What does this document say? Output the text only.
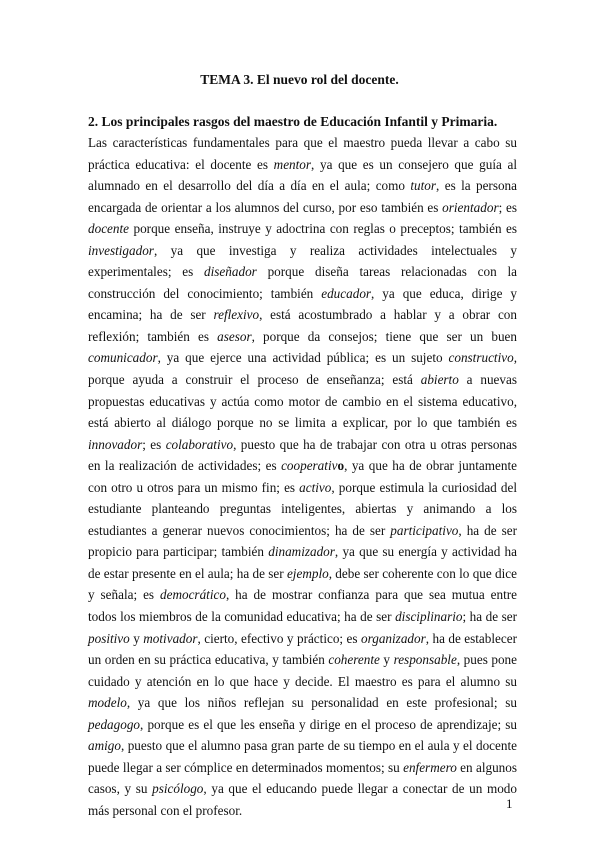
TEMA 3. El nuevo rol del docente.
2. Los principales rasgos del maestro de Educación Infantil y Primaria.

Las características fundamentales para que el maestro pueda llevar a cabo su práctica educativa: el docente es mentor, ya que es un consejero que guía al alumnado en el desarrollo del día a día en el aula; como tutor, es la persona encargada de orientar a los alumnos del curso, por eso también es orientador; es docente porque enseña, instruye y adoctrina con reglas o preceptos; también es investigador, ya que investiga y realiza actividades intelectuales y experimentales; es diseñador porque diseña tareas relacionadas con la construcción del conocimiento; también educador, ya que educa, dirige y encamina; ha de ser reflexivo, está acostumbrado a hablar y a obrar con reflexión; también es asesor, porque da consejos; tiene que ser un buen comunicador, ya que ejerce una actividad pública; es un sujeto constructivo, porque ayuda a construir el proceso de enseñanza; está abierto a nuevas propuestas educativas y actúa como motor de cambio en el sistema educativo, está abierto al diálogo porque no se limita a explicar, por lo que también es innovador; es colaborativo, puesto que ha de trabajar con otra u otras personas en la realización de actividades; es cooperativo, ya que ha de obrar juntamente con otro u otros para un mismo fin; es activo, porque estimula la curiosidad del estudiante planteando preguntas inteligentes, abiertas y animando a los estudiantes a generar nuevos conocimientos; ha de ser participativo, ha de ser propicio para participar; también dinamizador, ya que su energía y actividad ha de estar presente en el aula; ha de ser ejemplo, debe ser coherente con lo que dice y señala; es democrático, ha de mostrar confianza para que sea mutua entre todos los miembros de la comunidad educativa; ha de ser disciplinario; ha de ser positivo y motivador, cierto, efectivo y práctico; es organizador, ha de establecer un orden en su práctica educativa, y también coherente y responsable, pues pone cuidado y atención en lo que hace y decide. El maestro es para el alumno su modelo, ya que los niños reflejan su personalidad en este profesional; su pedagogo, porque es el que les enseña y dirige en el proceso de aprendizaje; su amigo, puesto que el alumno pasa gran parte de su tiempo en el aula y el docente puede llegar a ser cómplice en determinados momentos; su enfermero en algunos casos, y su psicólogo, ya que el educando puede llegar a conectar de un modo más personal con el profesor.	1
